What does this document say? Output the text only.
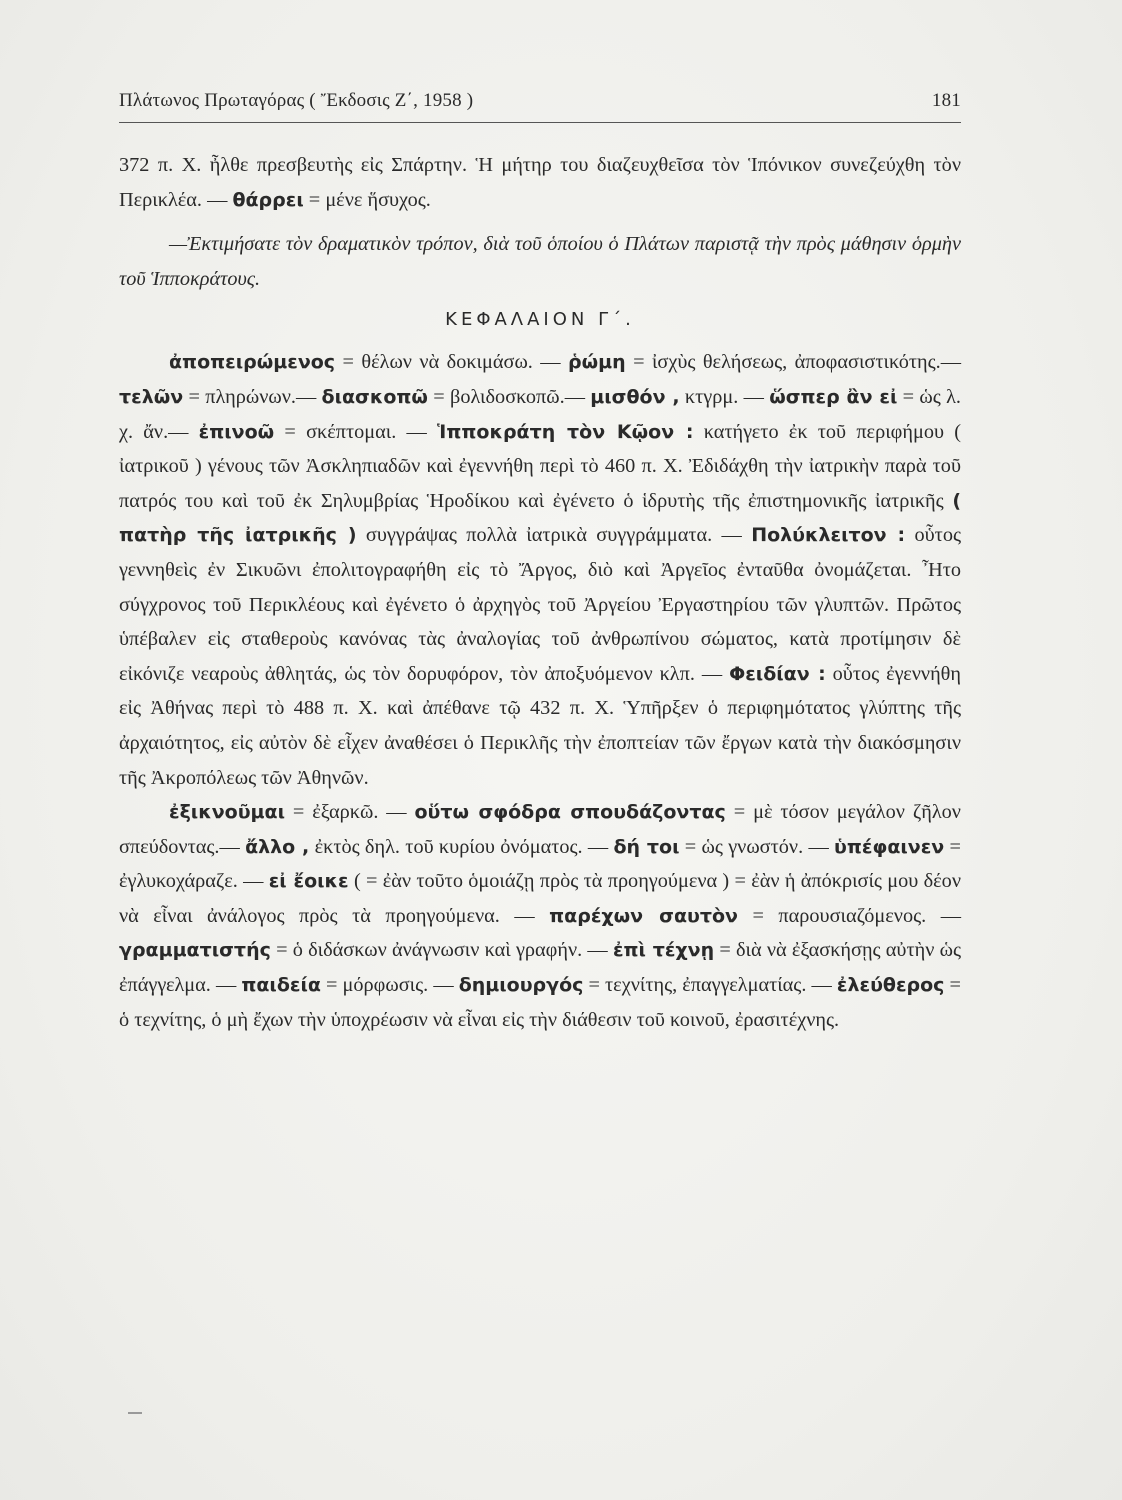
Πλάτωνος Πρωταγόρας ( Ἔκδοσις Ζ΄, 1958 )	181

372 π. Χ. ἦλθε πρεσβευτὴς εἰς Σπάρτην. Ἡ μήτηρ του διαζευχθεῖσα τὸν Ἱπόνικον συνεζεύχθη τὸν Περικλέα. — θάρρει = μένε ἥσυχος.

—Ἐκτιμήσατε τὸν δραματικὸν τρόπον, διὰ τοῦ ὁποίου ὁ Πλάτων παριστᾷ τὴν πρὸς μάθησιν ὁρμὴν τοῦ Ἱπποκράτους.

ΚΕΦΑΛΑΙΟΝ Γ΄.

ἀποπειρώμενος = θέλων νὰ δοκιμάσω. — ῥώμη = ἰσχὺς θελήσεως, ἀποφασιστικότης.— τελῶν = πληρώνων.— διασκοπῶ = βολιδοσκοπῶ.— μισθόν , κτγρμ. — ὥσπερ ἂν εἰ = ὡς λ. χ. ἄν.— ἐπινοῶ = σκέπτομαι. — Ἱπποκράτη τὸν Κῷον : κατήγετο ἐκ τοῦ περιφήμου ( ἰατρικοῦ ) γένους τῶν Ἀσκληπιαδῶν καὶ ἐγεννήθη περὶ τὸ 460 π. Χ. Ἐδιδάχθη τὴν ἰατρικὴν παρὰ τοῦ πατρός του καὶ τοῦ ἐκ Σηλυμβρίας Ἡροδίκου καὶ ἐγένετο ὁ ἱδρυτὴς τῆς ἐπιστημονικῆς ἰατρικῆς ( πατὴρ τῆς ἰατρικῆς ) συγγράψας πολλὰ ἰατρικὰ συγγράμματα. — Πολύκλειτον : οὗτος γεννηθεὶς ἐν Σικυῶνι ἐπολιτογραφήθη εἰς τὸ Ἄργος, διὸ καὶ Ἀργεῖος ἐνταῦθα ὀνομάζεται. Ἦτο σύγχρονος τοῦ Περικλέους καὶ ἐγένετο ὁ ἀρχηγὸς τοῦ Ἀργείου Ἐργαστηρίου τῶν γλυπτῶν. Πρῶτος ὑπέβαλεν εἰς σταθεροὺς κανόνας τὰς ἀναλογίας τοῦ ἀνθρωπίνου σώματος, κατὰ προτίμησιν δὲ εἰκόνιζε νεαροὺς ἀθλητάς, ὡς τὸν δορυφόρον, τὸν ἀποξυόμενον κλπ. — Φειδίαν : οὗτος ἐγεννήθη εἰς Ἀθήνας περὶ τὸ 488 π. Χ. καὶ ἀπέθανε τῷ 432 π. Χ. Ὑπῆρξεν ὁ περιφημότατος γλύπτης τῆς ἀρχαιότητος, εἰς αὐτὸν δὲ εἶχεν ἀναθέσει ὁ Περικλῆς τὴν ἐποπτείαν τῶν ἔργων κατὰ τὴν διακόσμησιν τῆς Ἀκροπόλεως τῶν Ἀθηνῶν.

ἐξικνοῦμαι = ἐξαρκῶ. — οὕτω σφόδρα σπουδάζοντας = μὲ τόσον μεγάλον ζῆλον σπεύδοντας.— ἄλλο , ἐκτὸς δηλ. τοῦ κυρίου ὀνόματος. — δή τοι = ὡς γνωστόν. — ὑπέφαινεν = ἐγλυκοχάραζε. — εἰ ἔοικε ( = ἐὰν τοῦτο ὁμοιάζῃ πρὸς τὰ προηγούμενα ) = ἐὰν ἡ ἀπόκρισίς μου δέον νὰ εἶναι ἀνάλογος πρὸς τὰ προηγούμενα. — παρέχων σαυτὸν = παρουσιαζόμενος. — γραμματιστής = ὁ διδάσκων ἀνάγνωσιν καὶ γραφήν. — ἐπὶ τέχνῃ = διὰ νὰ ἐξασκήσῃς αὐτὴν ὡς ἐπάγγελμα. — παιδεία = μόρφωσις. — δημιουργός = τεχνίτης, ἐπαγγελματίας. — ἐλεύθερος = ὁ τεχνίτης, ὁ μὴ ἔχων τὴν ὑποχρέωσιν νὰ εἶναι εἰς τὴν διάθεσιν τοῦ κοινοῦ, ἐρασιτέχνης.
